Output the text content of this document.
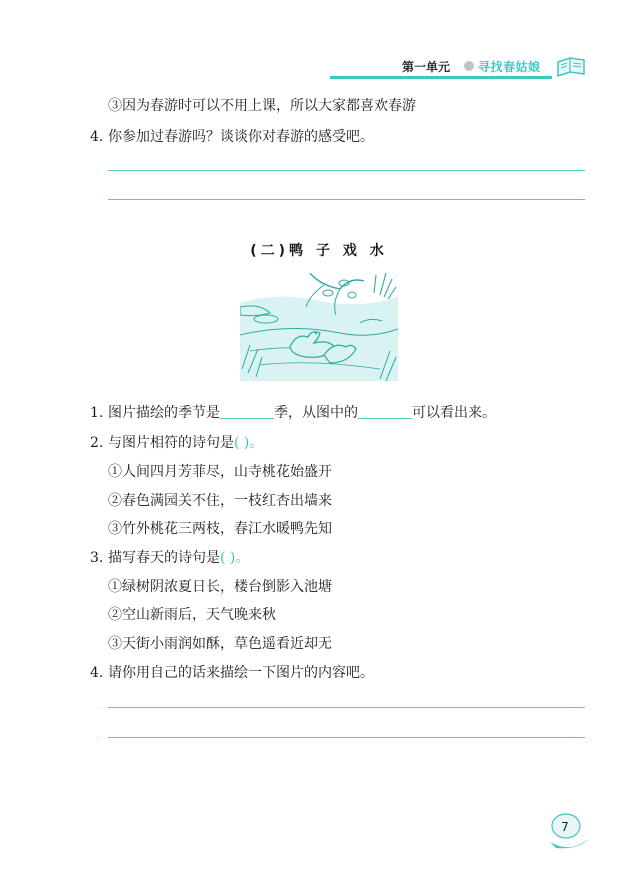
第一单元 寻找春姑娘
③因为春游时可以不用上课，所以大家都喜欢春游
4. 你参加过春游吗？谈谈你对春游的感受吧。
(二)鸭 子 戏 水
1. 图片描绘的季节是	季，从图中的	可以看出来。
2. 与图片相符的诗句是( )。
①人间四月芳菲尽，山寺桃花始盛开
②春色满园关不住，一枝红杏出墙来
③竹外桃花三两枝，春江水暖鸭先知
3. 描写春天的诗句是( )。
①绿树阴浓夏日长，楼台倒影入池塘
②空山新雨后，天气晚来秋
③天街小雨润如酥，草色遥看近却无
4. 请你用自己的话来描绘一下图片的内容吧。
7
